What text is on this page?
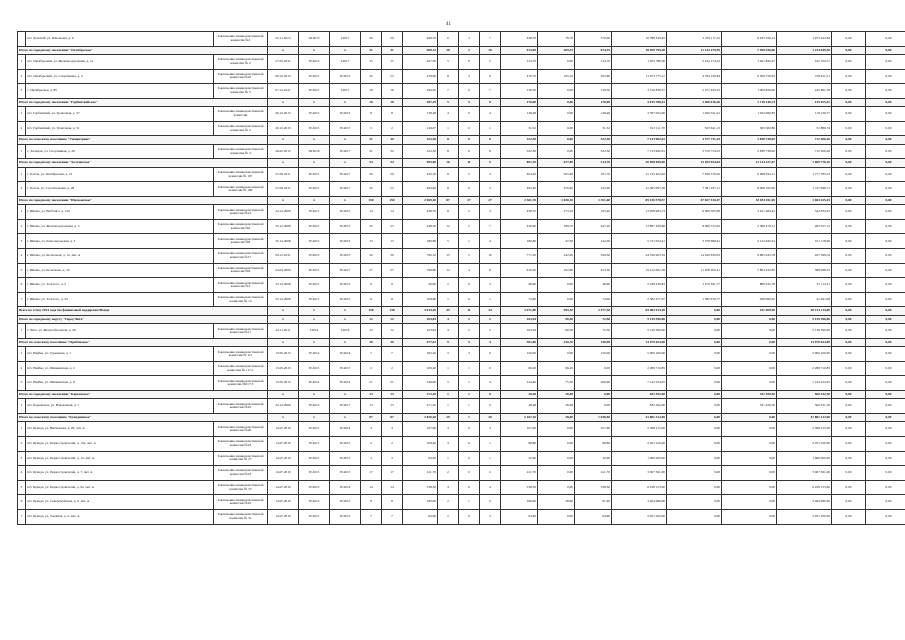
41
	пгт. Донской, ул. Школьная, д. 9	Заключение межведомственной комиссии №3	22.11.2013	III.2015	I.2017	29	29	468,70	0	3	7	448,70	78,70	370,00	16 788 329,45	2 479 117,52	9 935 320,14	1 673 422,84	0,00	0,00
Итого по городскому поселению "Октябрьское"			x	x	x	31	31	900,14	28	2	18	913,09	209,35	674,35	18 059 799,30	11 142 279,59	7 498 556,06	1 214 049,50	0,00	0,00
1	пгт. Октябрьский, ул. Железнодорожная, д. 1а	Заключение межведомственной комиссии № 2	27.05.2011	IV.2015	I.2017	15	15	267,50	5	6	5	134,70	0,00	134,70	1 925 786,50	2 234 174,22	1 461 820,47	242 700,57	0,00	0,00
2	пгт. Октябрьский, ул. Спортивная, д. 4	Заключение межведомственной комиссии №22	09.12.2013	IV.2015	IV.2015	22	22	478,60	8	3	6	470,70	105,10	365,60	11 973 775,17	4 784 159,84	6 509 758,03	728 421,21	0,00	0,00
3	с. Октябрьское, д. 8б	Заключение межведомственной комиссии № 5	07.12.2011	IV.2015	I.2017	16	16	294,20	7	0	7	136,50	0,00	136,50	3 516 836,27	2 271 043,23	1 009 829,06	245 891,78	0,00	0,00
Итого по городскому поселению "Гарбинтвайское"			x	x	x	18	18	287,25	5	5	8	176,00	0,00	176,00	3 015 788,41	2 460 016,26	1 718 146,74	135 025,51	0,00	0,00
1	пгт. Гарбинтвай, ул. Трактовая, д. 37	Заключение межведомственной комиссии	29.12.2013	IV.2015	IV.2015	8	8	138,48	4	0	4	138,48	0,00	138,48	3 397 053,00	1 926 551,01	1 922 066,85	119 136,77	0,00	0,00
2	пгт. Гарбинтвай, ул. Трактовая, д. 51	Заключение межведомственной комиссии № 2	20.12.2013	IV.2015	IV.2015	3	2	149,07	1	0	1	31,52	0,00	31,52	913 111,70	525 641,13	365 500,86	51 886,74	0,00	0,00
Итого по сельскому поселению "Узвиратрене"			x	x	x	31	30	322,30	8	0	8	322,30	0,00	322,30	7 133 962,61	3 577 711,23	2 838 738,02	712 306,26	0,00	0,00
1	с. Халиуль, ул. Спортивная, д. 26	Заключение межведомственной комиссии № 4	26.02.2015	III.2016	IV.2017	31	32	322,30	8	0	8	322,30	0,00	322,30	7 133 962,61	3 576 754,23	2 838 738,02	712 306,26	0,00	0,00
Итого по городскому поселению "Холтинское"			x	x	x	54	54	995,00	16	11	5	891,70	677,80	213,70	20 998 090,00	13 205 954,03	12 114 227,07	1 689 778,10	0,00	0,00
1	г. Холты, ул. Октябрьская, д. 21	Заключение межведомственной комиссии № 167	27.09.2011	IV.2015	IV.2017	29	29	450,10	8	5	3	404,20	305,40	101,70	15 155 402,62	7 636 576,92	6 908 044,11	1 771 785,33	0,00	0,00
2	г. Холты, ул. Строительная, д. 28	Заключение межведомственной комиссии № 160	27.09.2011	IV.2015	IV.2017	25	25	492,40	8	6	2	492,40	370,40	122,00	12 565 097,38	7 381 437,11	6 008 182,96	1 747 996,71	0,00	0,00
Итого по городскому поселению "Шелковское"			x	x	x	150	150	2 069,20	87	27	27	2 361,70	1 030,10	1 351,60	85 130 578,57	47 027 316,47	33 033 011,05	1 604 225,43	0,00	0,00
1	г. Шилка, ул. Вагбанго, д. 129	Заключение межведомственной комиссии №12	24.12.2009	IV.2015	IV.2015	14	14	438,70	8	5	3	438,70	273,10	165,40	13 958 983,13	9 009 595,68	3 611 484,45	342 834,23	0,00	0,00
2	г. Шилка, ул. Железнодорожная, д. 3	Заключение межведомственной комиссии №6	23.12.2008	IV.2015	IV.2015	25	25	448,30	12	5	7	436,90	189,70	247,20	13 897 329,66	8 069 722,93	5 588 470,31	282 057,15	0,00	0,00
3	г. Шилка, ул. Комсомольская, д. 3	Заключение межведомственной комиссии №8	25.12.2008	IV.2015	IV.2015	13	13	180,80	5	1	4	180,80	32,30	142,50	5 721 054,41	3 378 689,61	2 212 645,91	101 118,96	0,00	0,00
4	г. Шилка, ул. Колхозная, д. 12, лит. А	Заключение межведомственной комиссии №17	09.12.2011	IV.2015	IV.2015	30	30	790,10	15	5	10	771,30	242,00	529,30	24 536 003,19	14 240 930,03	9 865 045,78	427 399,54	0,00	0,00
5	г. Шилка, ул. Кочеткова, д. 19	Заключение межведомственной комиссии №9	24.03.2009	IV.2015	IV.2017	27	27	799,80	12	4	8	616,50	102,60	423,50	19 412 061,36	11 208 206,41	7 804 432,65	588 098,55	0,00	0,00
6	г. Шилка, ул. Толстого, д. 2	Заключение межведомственной комиссии №3	23.12.2008	IV.2015	IV.2015	9	9	49,90	2	0	2	48,90	0,00	48,90	2 188 439,83	1 270 391,77	880 932,78	37 114,31	0,00	0,00
7	г. Шилка, ул. Толстого, д. 54	Заключение межведомственной комиссии № 14	23.12.2008	IV.2015	IV.2015	11	11	108,60	1	0	1	74,90	0,00	74,90	2 382 477,07	1 382 919,77	958 060,02	41 491,08	0,00	0,00
Всего по этапу 2014 года без финансовой поддержки Фонда			x	x	x	150	138	4 014,20	45	11	34	2 971,80	595,10	2 377,30	65 482 013,20	0,00	231 409,50	65 151 114,60	0,00	0,00
Итого по городскому округу "Город Чита"			x	x	x	12	12	163,04	4	2	2	163,04	90,50	72,50	5 139 390,00	0,00	0,00	5 139 390,00	0,00	0,00
1	г. Чита, ул. Железобетонная, д. 40	Заключение межведомственной комиссии №17	24.11.2011	I.2014	I.2016	12	12	163,04	4	2	2	163,04	90,50	72,50	5 139 390,00	0,00	0,00	5 139 390,00	0,00	0,00
Итого по сельскому поселению "Приблизкое"			x	x	x	30	30	477,01	9	5	4	361,60	220,70	140,90	14 970 634,90	0,00	0,00	14 970 634,90	0,00	0,00
1	пгт. Нейбы, ул. Гурьянова, д. 7	Заключение межведомственной комиссии № 115	13.05.2013	IV.2014	IV.2016	7	7	182,20	3	3	0	150,00	0,00	150,00	5 000 100,00	0,00	0,00	5 000 100,00	0,00	0,00
2	пгт. Нейбы, ул. Шилкинская, д. 2	Заключение межведомственной комиссии № 117-1	13.05.2013	IV.2015	IV.2015	2	2	106,20	1	1	0	66,20	66,20	0,00	2 286 710,85	0,00	0,00	2 286 710,85	0,00	0,00
3	пгт. Нейбы, ул. Шилкинская, д. 8	Заключение межведомственной комиссии №017-3	13.05.2013	IV.2014	IV.2014	21	21	346,90	5	1	4	144,40	75,30	206,90	7 142 224,05	0,00	0,00	7 142 224,05	0,00	0,00
Итого по городскому поселению "Карымское"			x	x	x	13	13	272,20	1	1	0	28,48	28,48	0,00	832 592,00	0,00	331 459,50	500 332,50	0,00	0,00
1	пгт. Карымское, ул. Вокзальная, д. 7	Заключение межведомственной комиссии №25	24.12.2009	IV.2015	IV.2017	13	13	271,20	1	1	0	28,48	28,48	0,00	832 592,00	0,00	331 459,50	500 331,50	0,00	0,00
Итого по сельскому поселению "Куандинское"			x	x	x	87	87	2 820,20	29	1	28	2 167,10	28,60	1 938,50	41 881 312,00	0,00	0,00	41 881 312,00	0,00	0,00
1	пгт. Куанда, ул. Витимовая, д. 29, лит. А	Заключение межведомственной комиссии №20	14.07.2010	IV.2015	IV.2014	4	4	107,60	3	0	3	107,60	0,00	107,60	2 398 215,00	0,00	0,00	2 398 215,00	0,00	0,00
2	пгт. Куанда, ул. Первостроителей, д. 13а, лит. А	Заключение межведомственной комиссии №23	14.07.2010	IV.2015	IV.2015	2	2	108,40	3	0	1	68,80	0,00	68,80	2 051 220,00	0,00	0,00	2 051 220,00	0,00	0,00
3	пгт. Куанда, ул. Первостроителей, д. 13, лит. А	Заключение межведомственной комиссии № 27	14.07.2010	IV.2015	IV.2015	3	3	64,40	1	0	1	32,90	0,00	32,90	1 060 000,00	0,00	0,00	1 060 000,00	0,00	0,00
4	пгт. Куанда, ул. Первостроителей, д. 7, лит. А	Заключение межведомственной комиссии №23	14.07.2010	IV.2015	IV.2015	17	17	411,70	2	0	2	411,70	0,00	411,70	3 007 361,00	0,00	0,00	3 007 361,00	0,00	0,00
5	пгт. Куанда, ул. Первостроителей, д. 9а, лит. А	Заключение межведомственной комиссии № 33	14.07.2010	IV.2015	IV.2014	14	14	338,30	4	0	4	338,30	0,00	338,30	6 228 153,00	0,00	0,00	6 228 153,00	0,00	0,00
6	пгт. Куанда, ул. Северомуйская, д. 6, лит. А	Заключение межведомственной комиссии №25	14.07.2010	IV.2015	IV.2015	8	8	180,00	2	1	0	180,00	28,60	97,40	3 464 980,00	0,00	0,00	3 464 980,00	0,00	0,00
7	пгт. Куанда, ул. Таежная, д. 2, лит. А	Заключение межведомственной комиссии № 31	14.07.2010	IV.2015	IV.2015	7	7	64,60	2	0	2	64,60	0,00	64,60	2 051 200,00	0,00	0,00	2 051 200,00	0,00	0,00
